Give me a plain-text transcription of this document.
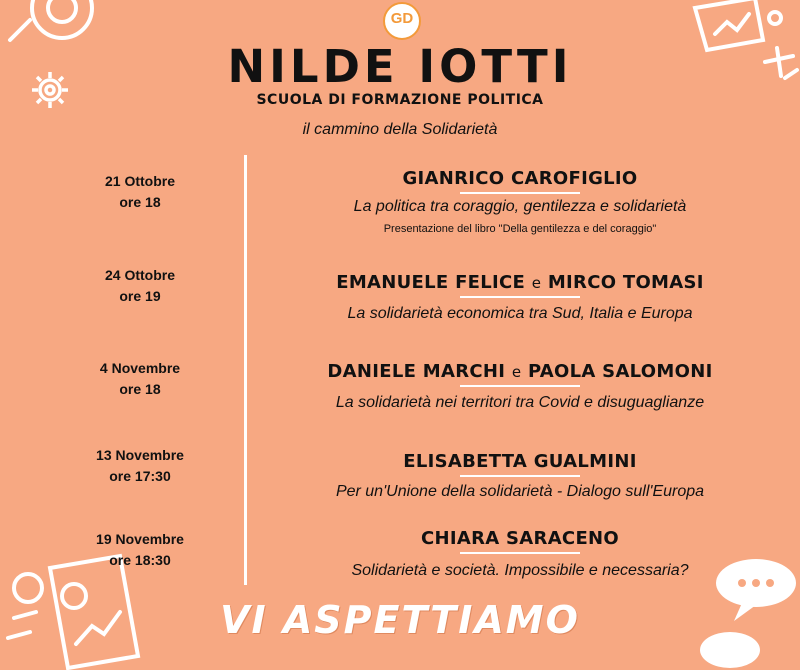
GD
NILDE IOTTI
SCUOLA DI FORMAZIONE POLITICA
il cammino della Solidarietà
21 Ottobre
ore 18
GIANRICO CAROFIGLIO
La politica tra coraggio, gentilezza e solidarietà
Presentazione del libro "Della gentilezza e del coraggio"
24 Ottobre
ore 19
EMANUELE FELICE e MIRCO TOMASI
La solidarietà economica tra Sud, Italia e Europa
4 Novembre
ore 18
DANIELE MARCHI e PAOLA SALOMONI
La solidarietà nei territori tra Covid e disuguaglianze
13 Novembre
ore 17:30
ELISABETTA GUALMINI
Per un'Unione della solidarietà - Dialogo sull'Europa
19 Novembre
ore 18:30
CHIARA SARACENO
Solidarietà e società. Impossibile e necessaria?
VI ASPETTIAMO
